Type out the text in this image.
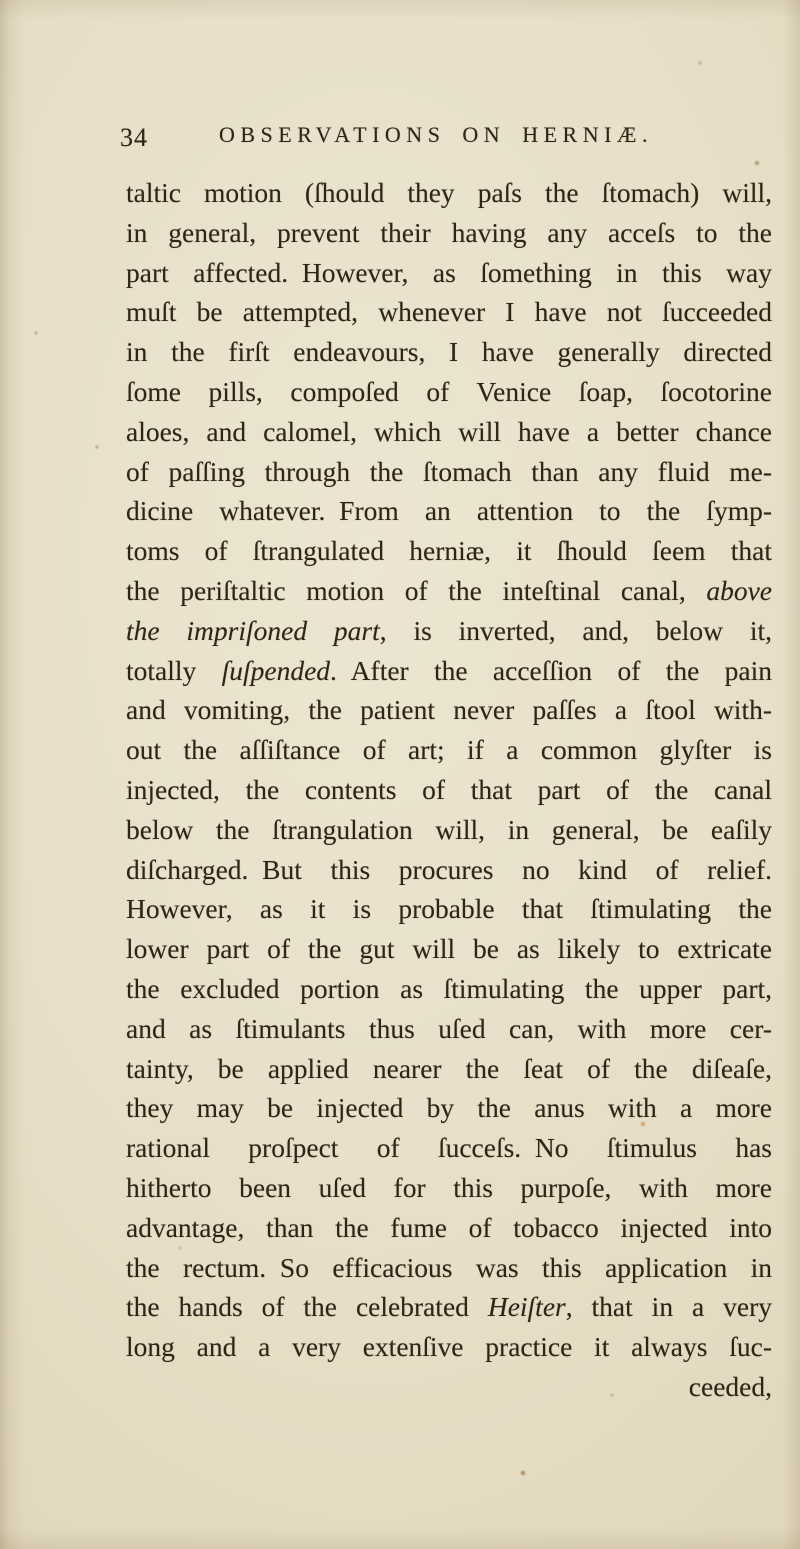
34	OBSERVATIONS ON HERNIÆ.
taltic motion (ſhould they paſs the ſtomach) will,
in general, prevent their having any acceſs to the
part affected. However, as ſomething in this way
muſt be attempted, whenever I have not ſucceeded
in the firſt endeavours, I have generally directed
ſome pills, compoſed of Venice ſoap, ſocotorine
aloes, and calomel, which will have a better chance
of paſſing through the ſtomach than any fluid me-
dicine whatever. From an attention to the ſymp-
toms of ſtrangulated herniæ, it ſhould ſeem that
the periſtaltic motion of the inteſtinal canal, above
the impriſoned part, is inverted, and, below it,
totally ſuſpended. After the acceſſion of the pain
and vomiting, the patient never paſſes a ſtool with-
out the aſſiſtance of art; if a common glyſter is
injected, the contents of that part of the canal
below the ſtrangulation will, in general, be eaſily
diſcharged. But this procures no kind of relief.
However, as it is probable that ſtimulating the
lower part of the gut will be as likely to extricate
the excluded portion as ſtimulating the upper part,
and as ſtimulants thus uſed can, with more cer-
tainty, be applied nearer the ſeat of the diſeaſe,
they may be injected by the anus with a more
rational proſpect of ſucceſs. No ſtimulus has
hitherto been uſed for this purpoſe, with more
advantage, than the fume of tobacco injected into
the rectum. So efficacious was this application in
the hands of the celebrated Heiſter, that in a very
long and a very extenſive practice it always ſuc-
ceeded,
